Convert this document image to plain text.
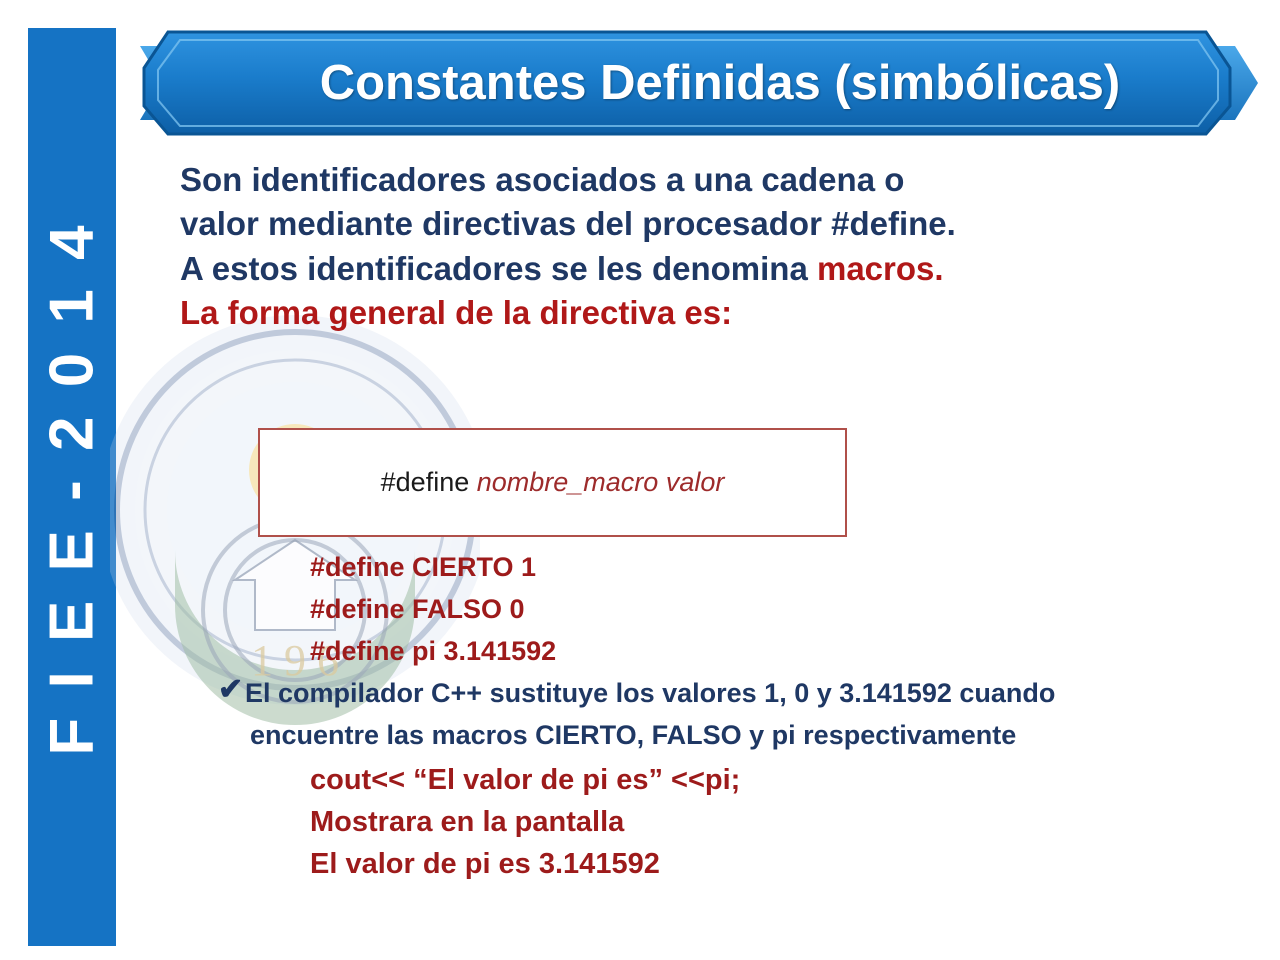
F I E E - 2 0 1 4
Constantes Definidas (simbólicas)
1 9 6

Son identificadores asociados a una cadena o

valor mediante directivas del procesador #define.

A estos identificadores se les denomina macros.

La forma general de la directiva es:

#define nombre_macro valor
#define CIERTO 1
#define FALSO 0
#define pi 3.141592
✔ El compilador C++ sustituye los valores 1, 0 y 3.141592 cuando
encuentre las macros CIERTO, FALSO y pi respectivamente
cout<< “El valor de pi es” <<pi;
Mostrara en la pantalla
El valor de pi es 3.141592
